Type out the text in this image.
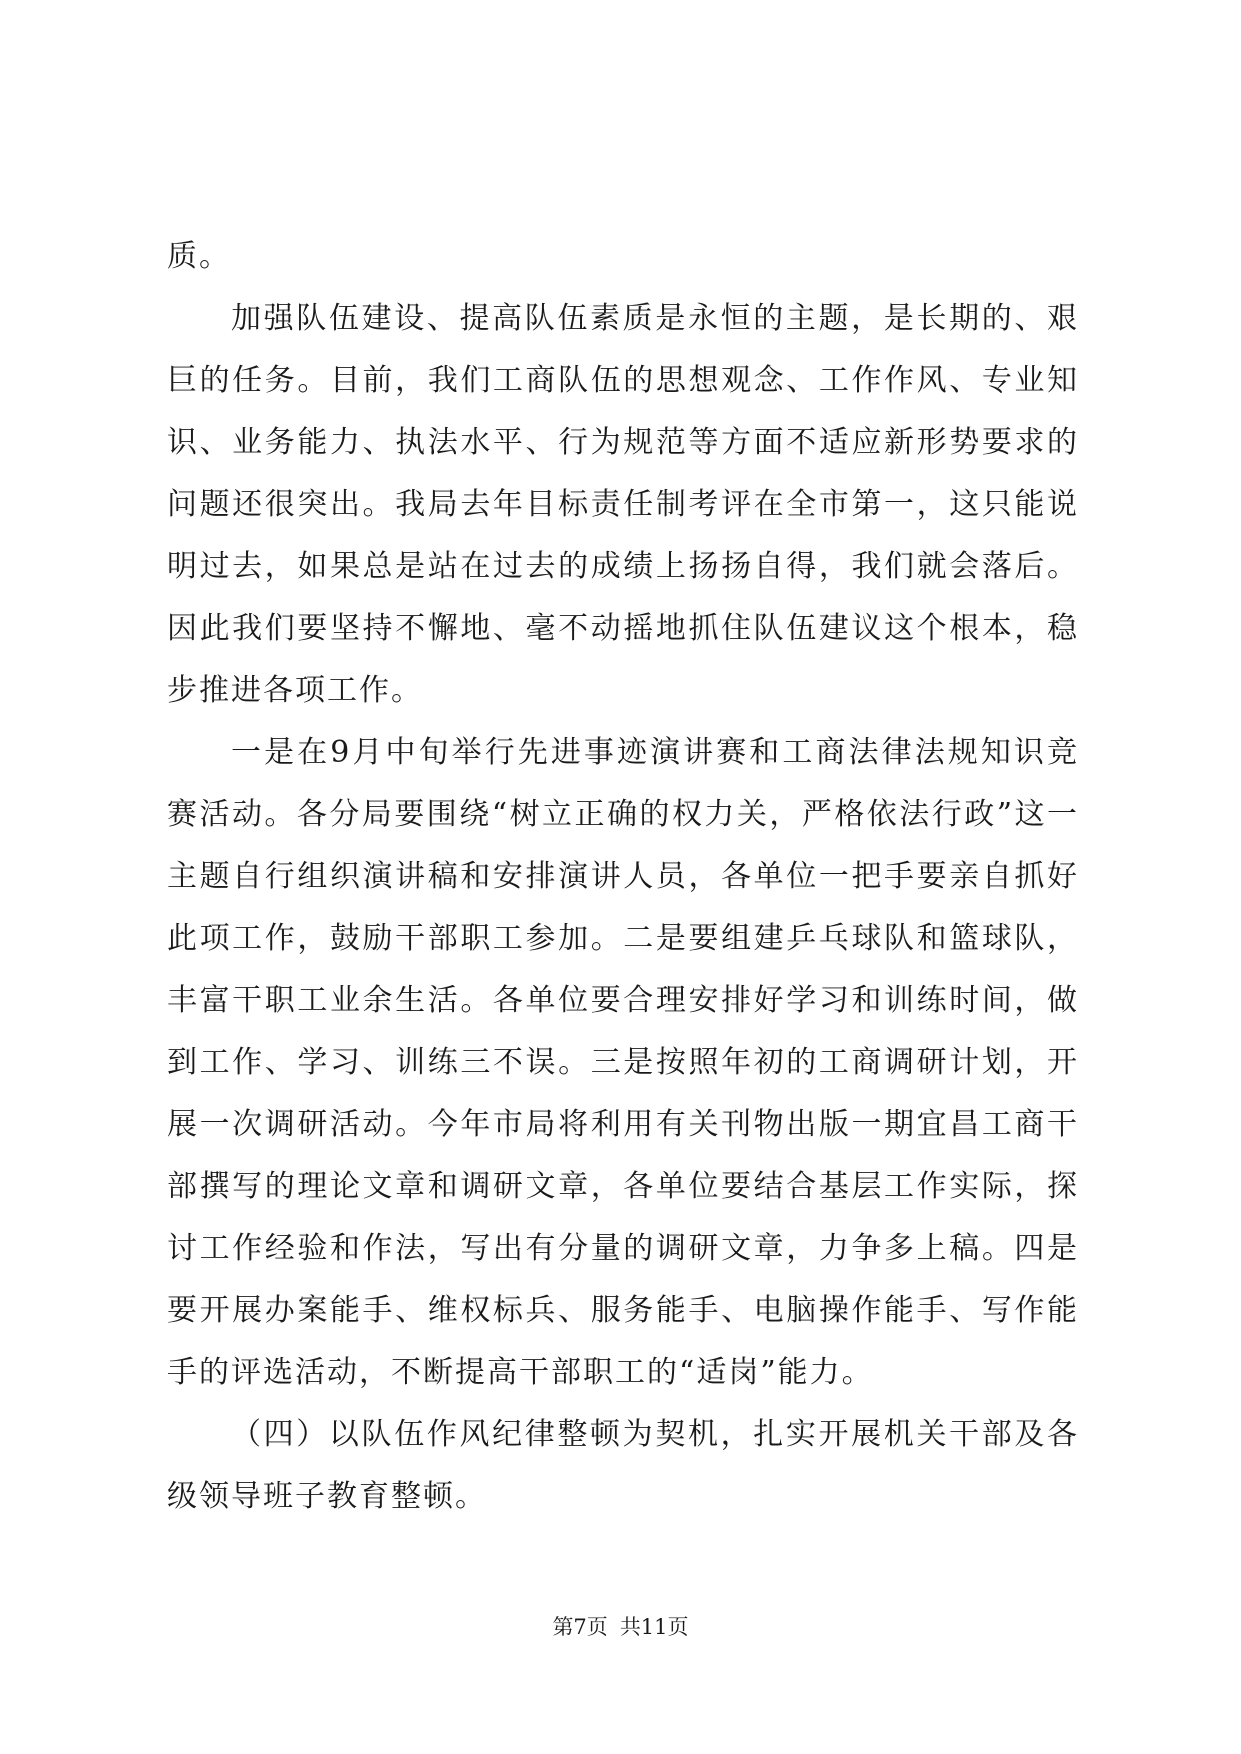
质。

加强队伍建设、提高队伍素质是永恒的主题，是长期的、艰巨的任务。目前，我们工商队伍的思想观念、工作作风、专业知识、业务能力、执法水平、行为规范等方面不适应新形势要求的问题还很突出。我局去年目标责任制考评在全市第一，这只能说明过去，如果总是站在过去的成绩上扬扬自得，我们就会落后。因此我们要坚持不懈地、毫不动摇地抓住队伍建议这个根本，稳步推进各项工作。

一是在9月中旬举行先进事迹演讲赛和工商法律法规知识竞赛活动。各分局要围绕“树立正确的权力关，严格依法行政”这一主题自行组织演讲稿和安排演讲人员，各单位一把手要亲自抓好此项工作，鼓励干部职工参加。二是要组建乒乓球队和篮球队，丰富干职工业余生活。各单位要合理安排好学习和训练时间，做到工作、学习、训练三不误。三是按照年初的工商调研计划，开展一次调研活动。今年市局将利用有关刊物出版一期宜昌工商干部撰写的理论文章和调研文章，各单位要结合基层工作实际，探讨工作经验和作法，写出有分量的调研文章，力争多上稿。四是要开展办案能手、维权标兵、服务能手、电脑操作能手、写作能手的评选活动，不断提高干部职工的“适岗”能力。

（四）以队伍作风纪律整顿为契机，扎实开展机关干部及各级领导班子教育整顿。

第7页 共11页
